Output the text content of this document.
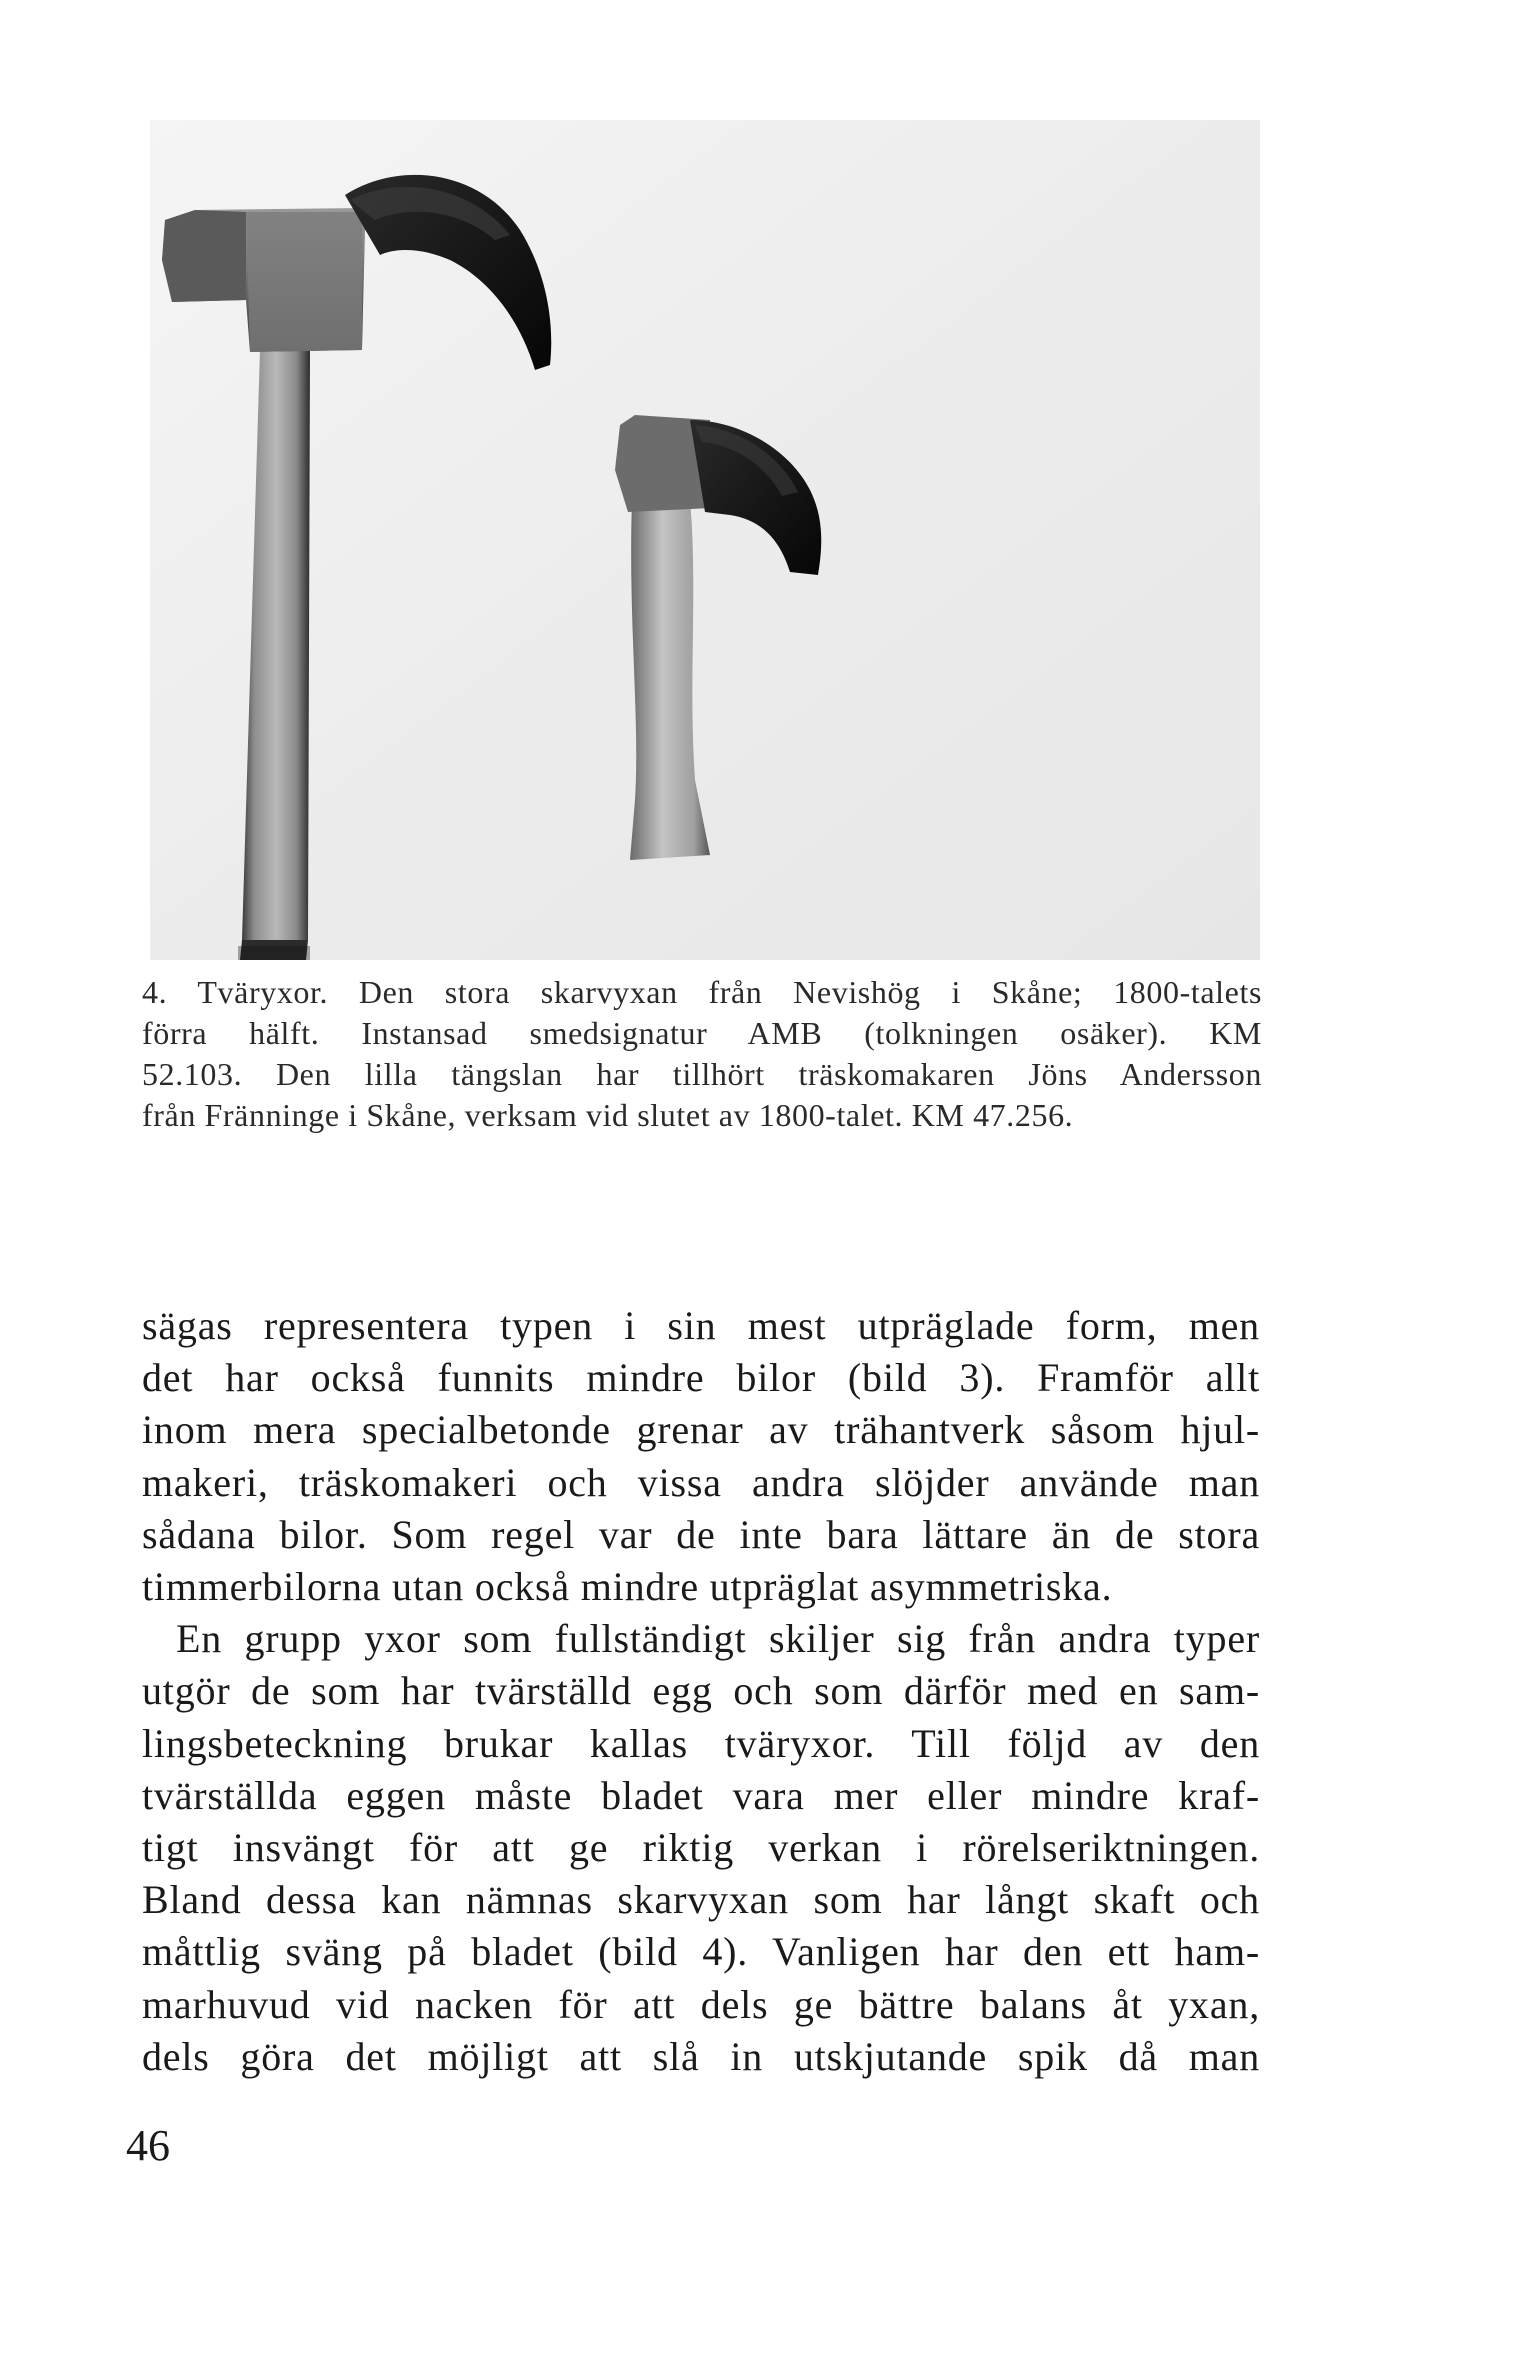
4. Tväryxor. Den stora skarvyxan från Nevishög i Skåne; 1800-talets
förra hälft. Instansad smedsignatur AMB (tolkningen osäker). KM
52.103. Den lilla tängslan har tillhört träskomakaren Jöns Andersson
från Fränninge i Skåne, verksam vid slutet av 1800-talet. KM 47.256.
sägas representera typen i sin mest utpräglade form, men
det har också funnits mindre bilor (bild 3). Framför allt
inom mera specialbetonde grenar av trähantverk såsom hjul-
makeri, träskomakeri och vissa andra slöjder använde man
sådana bilor. Som regel var de inte bara lättare än de stora
timmerbilorna utan också mindre utpräglat asymmetriska.
En grupp yxor som fullständigt skiljer sig från andra typer
utgör de som har tvärställd egg och som därför med en sam-
lingsbeteckning brukar kallas tväryxor. Till följd av den
tvärställda eggen måste bladet vara mer eller mindre kraf-
tigt insvängt för att ge riktig verkan i rörelseriktningen.
Bland dessa kan nämnas skarvyxan som har långt skaft och
måttlig sväng på bladet (bild 4). Vanligen har den ett ham-
marhuvud vid nacken för att dels ge bättre balans åt yxan,
dels göra det möjligt att slå in utskjutande spik då man
46
